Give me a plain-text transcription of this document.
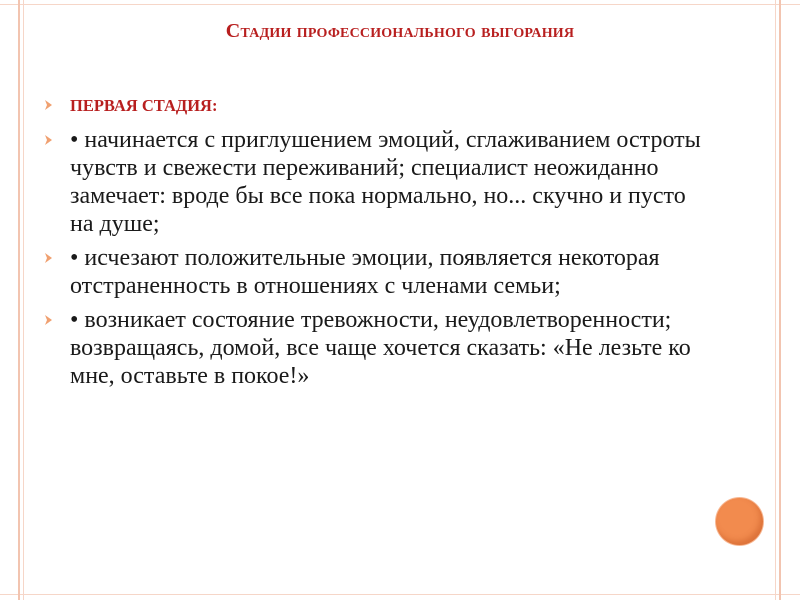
Стадии профессионального выгорания
ПЕРВАЯ СТАДИЯ:
• начинается с приглушением эмоций, сглаживанием остроты чувств и свежести переживаний; специалист неожиданно замечает: вроде бы все пока нормально, но... скучно и пусто на душе;
• исчезают положительные эмоции, появляется некоторая отстраненность в отношениях с членами семьи;
• возникает состояние тревожности, неудовлетворенности; возвращаясь, домой, все чаще хочется сказать: «Не лезьте ко мне, оставьте в покое!»
